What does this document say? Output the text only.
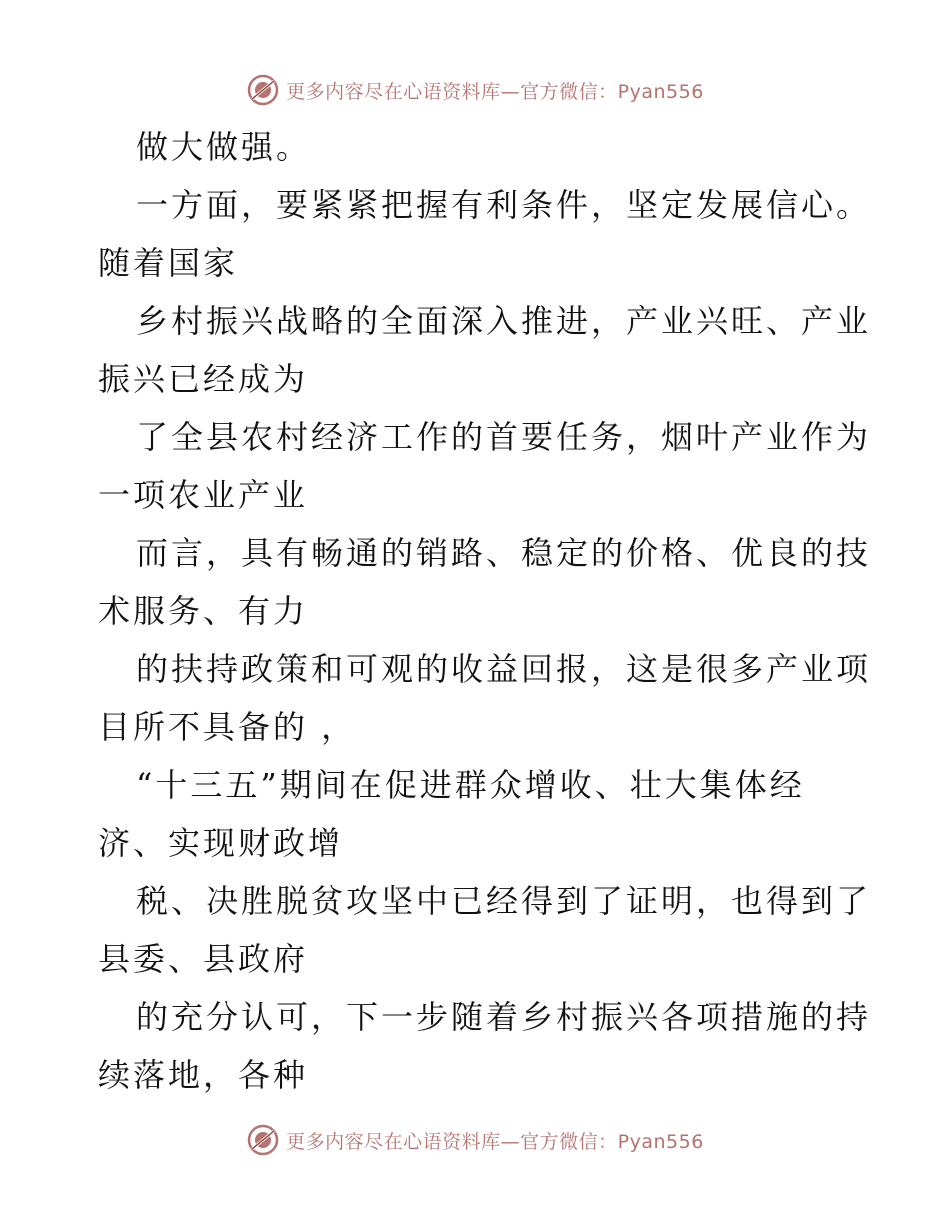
更多内容尽在心语资料库—官方微信：Pyan556
做大做强。
一方面，要紧紧把握有利条件，坚定发展信心。
随着国家
乡村振兴战略的全面深入推进，产业兴旺、产业
振兴已经成为
了全县农村经济工作的首要任务，烟叶产业作为
一项农业产业
而言，具有畅通的销路、稳定的价格、优良的技
术服务、有力
的扶持政策和可观的收益回报，这是很多产业项
目所不具备的 ，
“十三五”期间在促进群众增收、壮大集体经
济、实现财政增
税、决胜脱贫攻坚中已经得到了证明，也得到了
县委、县政府
的充分认可，下一步随着乡村振兴各项措施的持
续落地，各种
更多内容尽在心语资料库—官方微信：Pyan556
